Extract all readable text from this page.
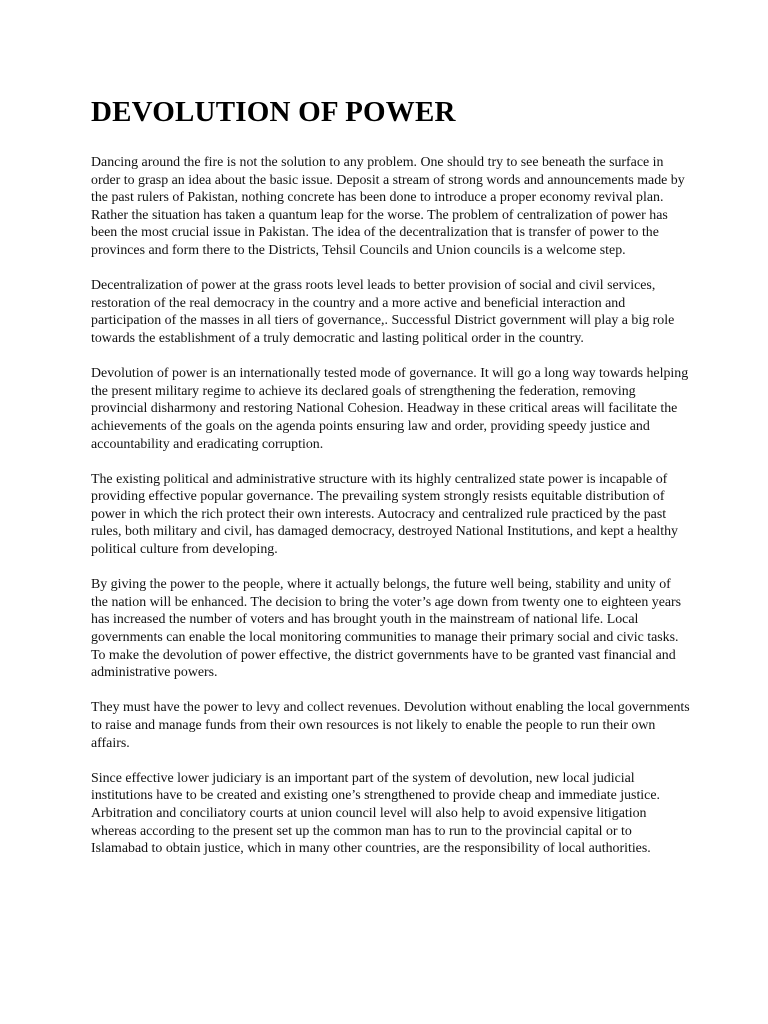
DEVOLUTION OF POWER

Dancing around the fire is not the solution to any problem. One should try to see beneath the surface in order to grasp an idea about the basic issue. Deposit a stream of strong words and announcements made by the past rulers of Pakistan, nothing concrete has been done to introduce a proper economy revival plan. Rather the situation has taken a quantum leap for the worse. The problem of centralization of power has been the most crucial issue in Pakistan. The idea of the decentralization that is transfer of power to the provinces and form there to the Districts, Tehsil Councils and Union councils is a welcome step.

Decentralization of power at the grass roots level leads to better provision of social and civil services, restoration of the real democracy in the country and a more active and beneficial interaction and participation of the masses in all tiers of governance,. Successful District government will play a big role towards the establishment of a truly democratic and lasting political order in the country.

Devolution of power is an internationally tested mode of governance. It will go a long way towards helping the present military regime to achieve its declared goals of strengthening the federation, removing provincial disharmony and restoring National Cohesion. Headway in these critical areas will facilitate the achievements of the goals on the agenda points ensuring law and order, providing speedy justice and accountability and eradicating corruption.

The existing political and administrative structure with its highly centralized state power is incapable of providing effective popular governance. The prevailing system strongly resists equitable distribution of power in which the rich protect their own interests. Autocracy and centralized rule practiced by the past rules, both military and civil, has damaged democracy, destroyed National Institutions, and kept a healthy political culture from developing.

By giving the power to the people, where it actually belongs, the future well being, stability and unity of the nation will be enhanced. The decision to bring the voter’s age down from twenty one to eighteen years has increased the number of voters and has brought youth in the mainstream of national life. Local governments can enable the local monitoring communities to manage their primary social and civic tasks. To make the devolution of power effective, the district governments have to be granted vast financial and administrative powers.

They must have the power to levy and collect revenues. Devolution without enabling the local governments to raise and manage funds from their own resources is not likely to enable the people to run their own affairs.

Since effective lower judiciary is an important part of the system of devolution, new local judicial institutions have to be created and existing one’s strengthened to provide cheap and immediate justice. Arbitration and conciliatory courts at union council level will also help to avoid expensive litigation whereas according to the present set up the common man has to run to the provincial capital or to Islamabad to obtain justice, which in many other countries, are the responsibility of local authorities.
